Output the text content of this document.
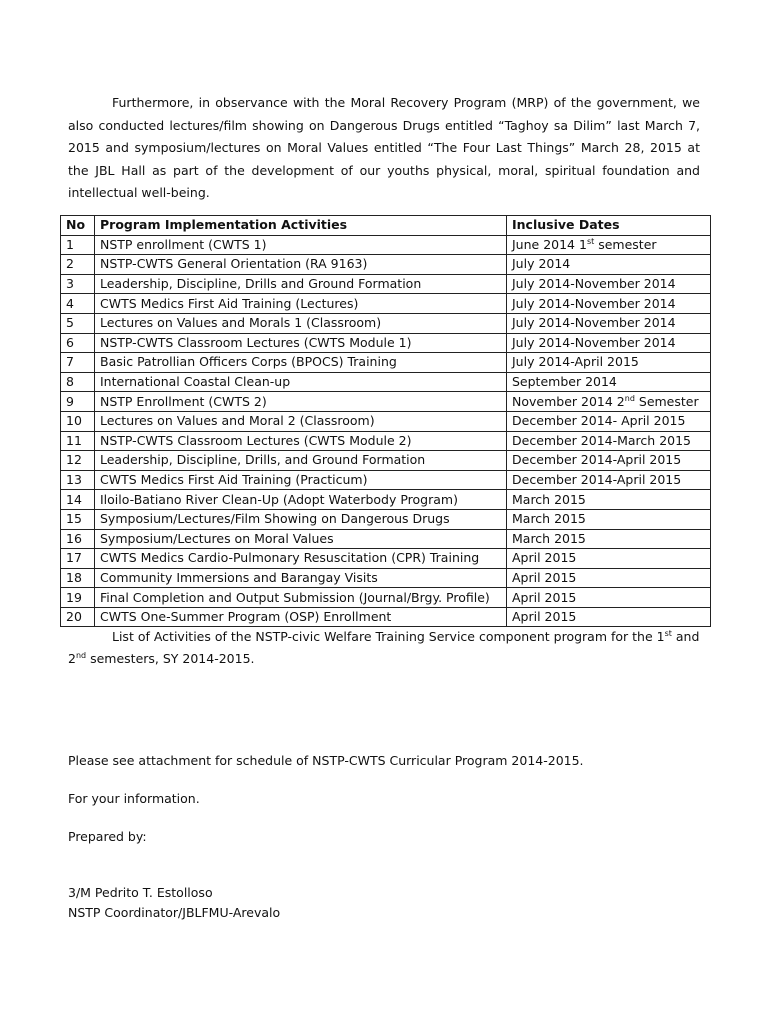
Furthermore, in observance with the Moral Recovery Program (MRP) of the government, we also conducted lectures/film showing on Dangerous Drugs entitled “Taghoy sa Dilim” last March 7, 2015 and symposium/lectures on Moral Values entitled “The Four Last Things” March 28, 2015 at the JBL Hall as part of the development of our youths physical, moral, spiritual foundation and intellectual well-being.

No	Program Implementation Activities	Inclusive Dates
1	NSTP enrollment (CWTS 1)	June 2014 1st semester
2	NSTP-CWTS General Orientation (RA 9163)	July 2014
3	Leadership, Discipline, Drills and Ground Formation	July 2014-November 2014
4	CWTS Medics First Aid Training (Lectures)	July 2014-November 2014
5	Lectures on Values and Morals 1 (Classroom)	July 2014-November 2014
6	NSTP-CWTS Classroom Lectures (CWTS Module 1)	July 2014-November 2014
7	Basic Patrollian Officers Corps (BPOCS) Training	July 2014-April 2015
8	International Coastal Clean-up	September 2014
9	NSTP Enrollment (CWTS 2)	November 2014 2nd Semester
10	Lectures on Values and Moral 2 (Classroom)	December 2014- April 2015
11	NSTP-CWTS Classroom Lectures (CWTS Module 2)	December 2014-March 2015
12	Leadership, Discipline, Drills, and Ground Formation	December 2014-April 2015
13	CWTS Medics First Aid Training (Practicum)	December 2014-April 2015
14	Iloilo-Batiano River Clean-Up (Adopt Waterbody Program)	March 2015
15	Symposium/Lectures/Film Showing on Dangerous Drugs	March 2015
16	Symposium/Lectures on Moral Values	March 2015
17	CWTS Medics Cardio-Pulmonary Resuscitation (CPR) Training	April 2015
18	Community Immersions and Barangay Visits	April 2015
19	Final Completion and Output Submission (Journal/Brgy. Profile)	April 2015
20	CWTS One-Summer Program (OSP) Enrollment	April 2015

List of Activities of the NSTP-civic Welfare Training Service component program for the 1st and 2nd semesters, SY 2014-2015.

Please see attachment for schedule of NSTP-CWTS Curricular Program 2014-2015.

For your information.

Prepared by:

3/M Pedrito T. Estolloso

NSTP Coordinator/JBLFMU-Arevalo
